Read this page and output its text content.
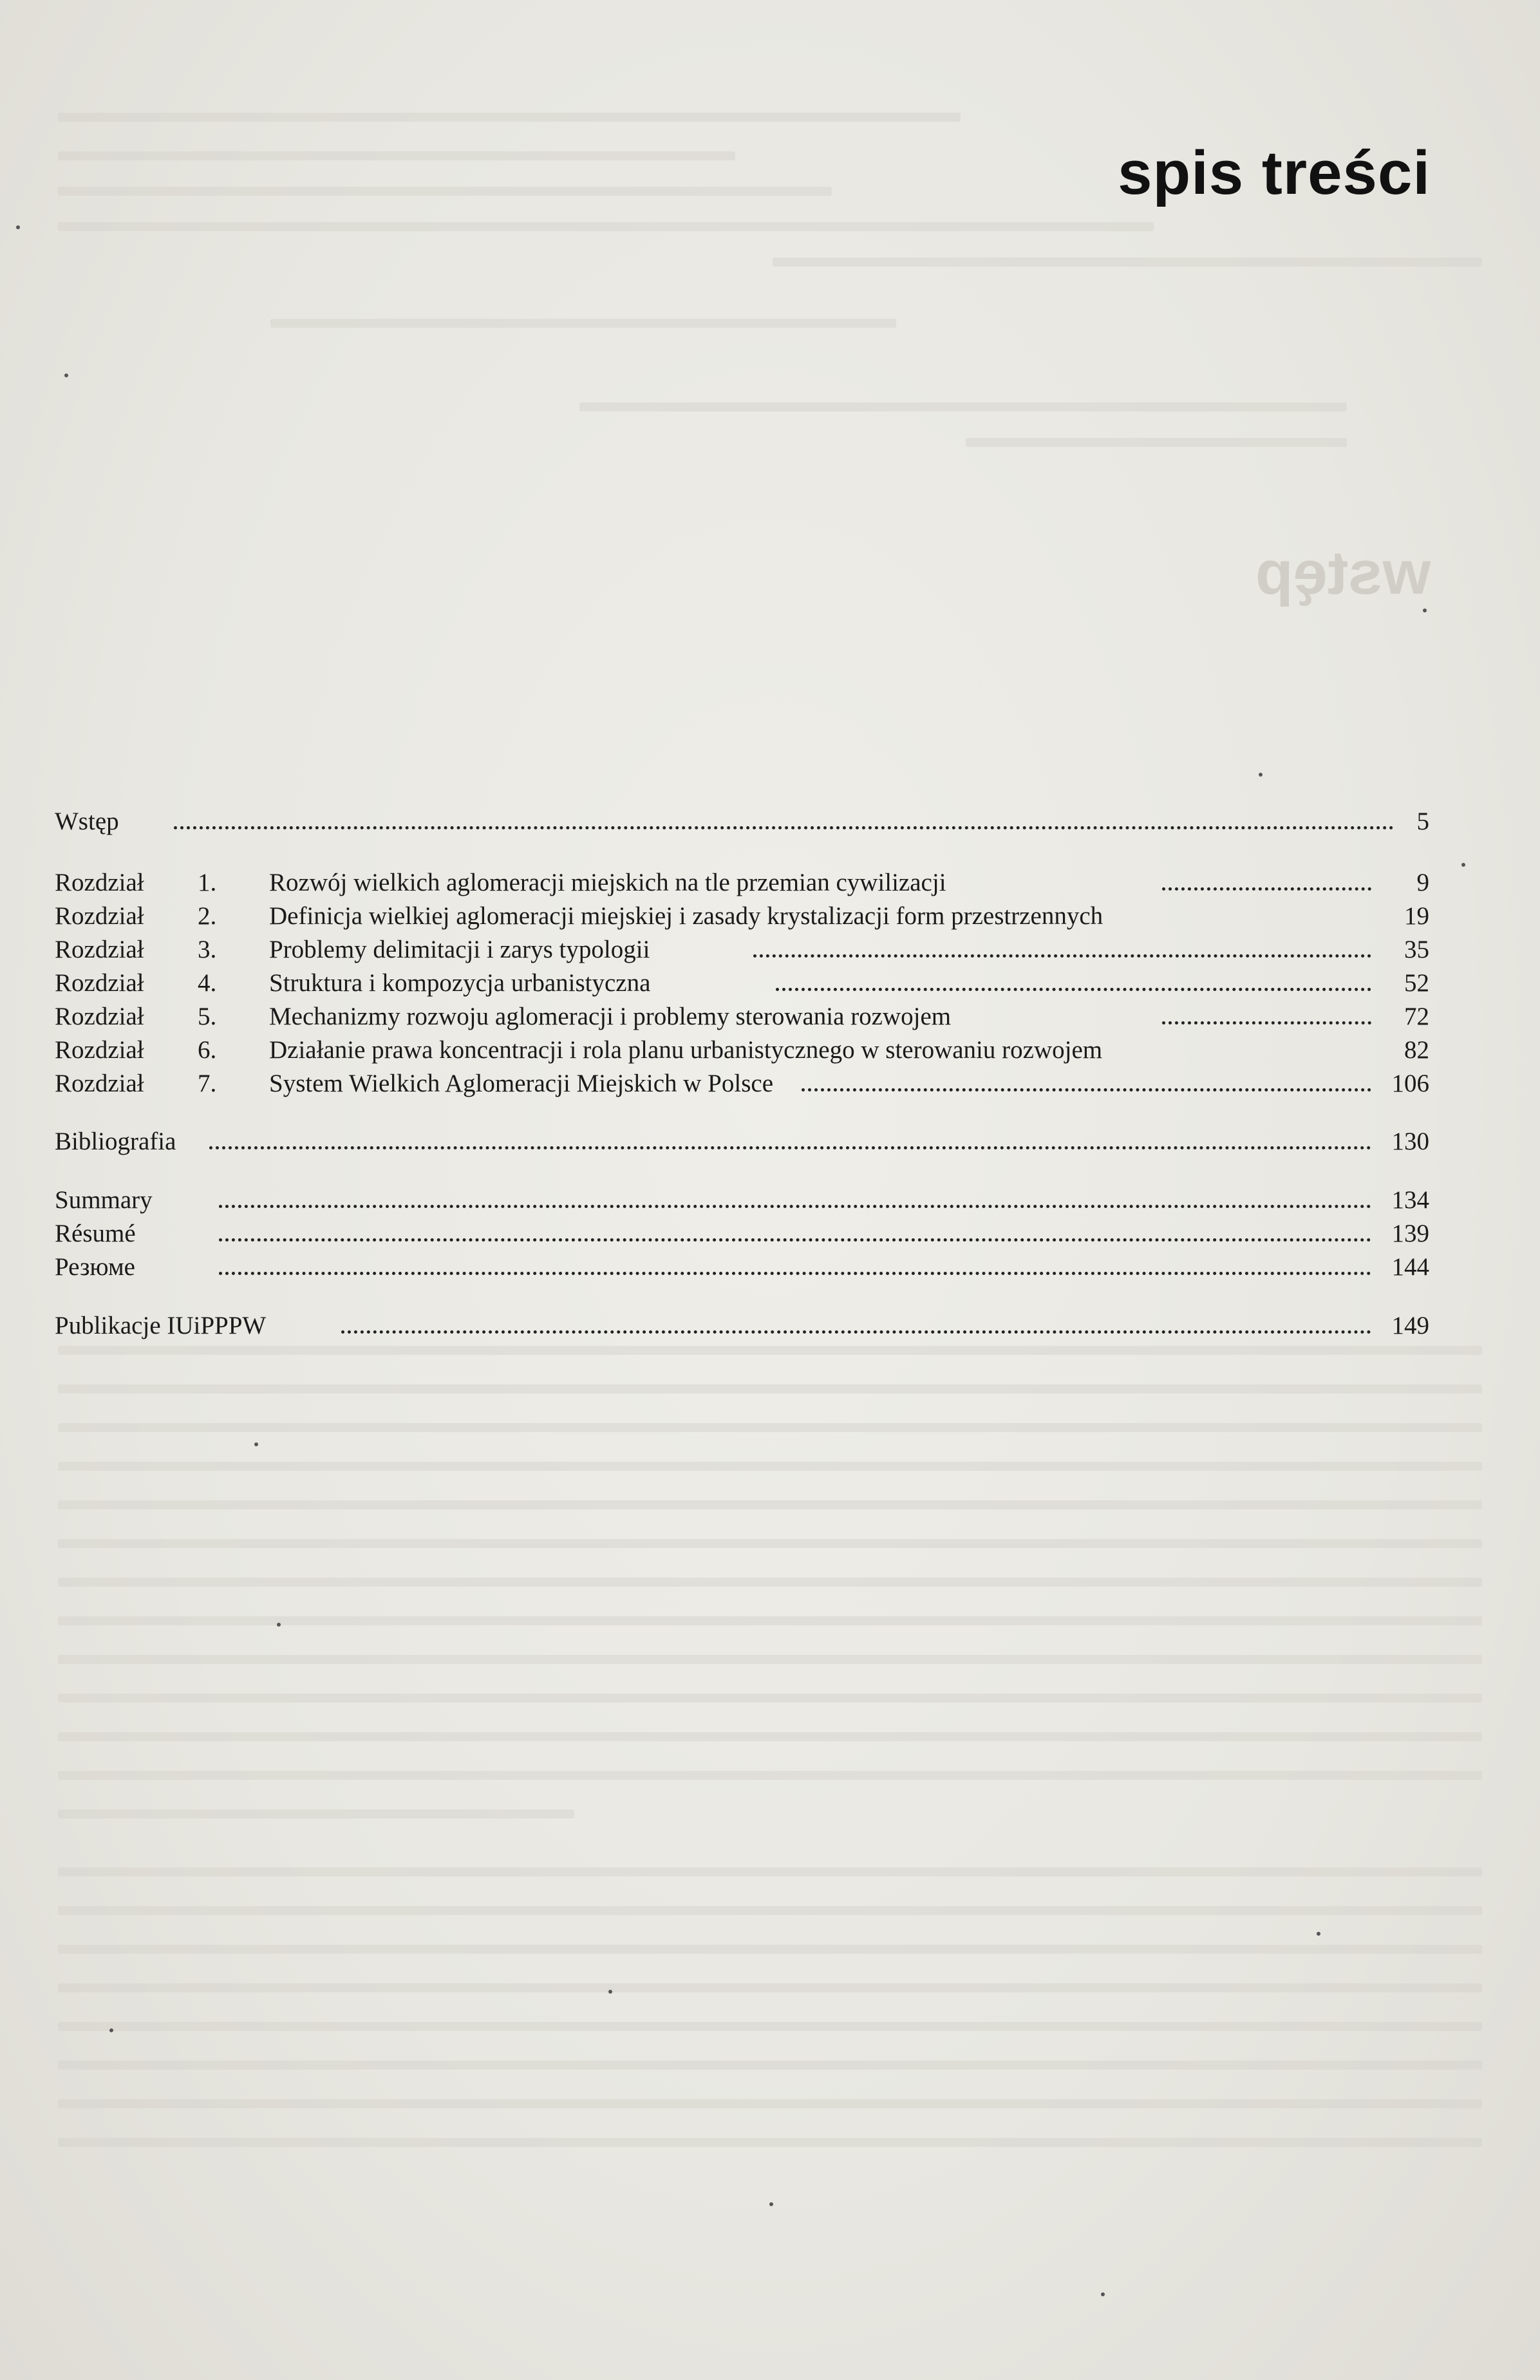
wstęp
spis treści
Wstęp	5
Rozdział 1. Rozwój wielkich aglomeracji miejskich na tle przemian cywilizacji	9
Rozdział 2. Definicja wielkiej aglomeracji miejskiej i zasady krystalizacji form przestrzennych	19
Rozdział 3. Problemy delimitacji i zarys typologii	35
Rozdział 4. Struktura i kompozycja urbanistyczna	52
Rozdział 5. Mechanizmy rozwoju aglomeracji i problemy sterowania rozwojem	72
Rozdział 6. Działanie prawa koncentracji i rola planu urbanistycznego w sterowaniu rozwojem	82
Rozdział 7. System Wielkich Aglomeracji Miejskich w Polsce	106
Bibliografia	130
Summary	134
Résumé	139
Резюме	144
Publikacje IUiPPPW	149
